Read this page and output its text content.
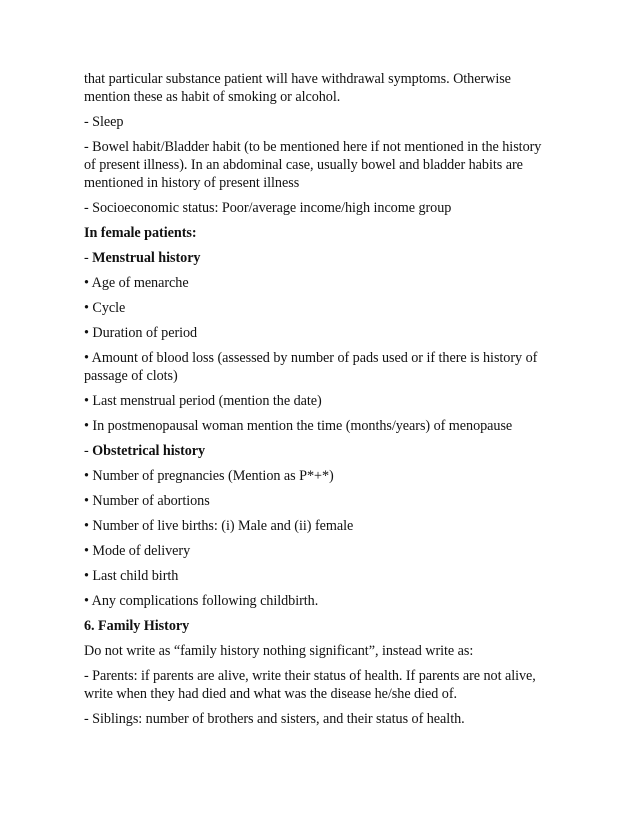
that particular substance patient will have withdrawal symptoms. Otherwise mention these as habit of smoking or alcohol.

- Sleep

- Bowel habit/Bladder habit (to be mentioned here if not mentioned in the history of present illness). In an abdominal case, usually bowel and bladder habits are mentioned in history of present illness

- Socioeconomic status: Poor/average income/high income group

In female patients:

- Menstrual history

• Age of menarche

• Cycle

• Duration of period

• Amount of blood loss (assessed by number of pads used or if there is history of passage of clots)

• Last menstrual period (mention the date)

• In postmenopausal woman mention the time (months/years) of menopause

- Obstetrical history

• Number of pregnancies (Mention as P*+*)

• Number of abortions

• Number of live births: (i) Male and (ii) female

• Mode of delivery

• Last child birth

• Any complications following childbirth.

6. Family History

Do not write as “family history nothing significant”, instead write as:

- Parents: if parents are alive, write their status of health. If parents are not alive, write when they had died and what was the disease he/she died of.

- Siblings: number of brothers and sisters, and their status of health.
